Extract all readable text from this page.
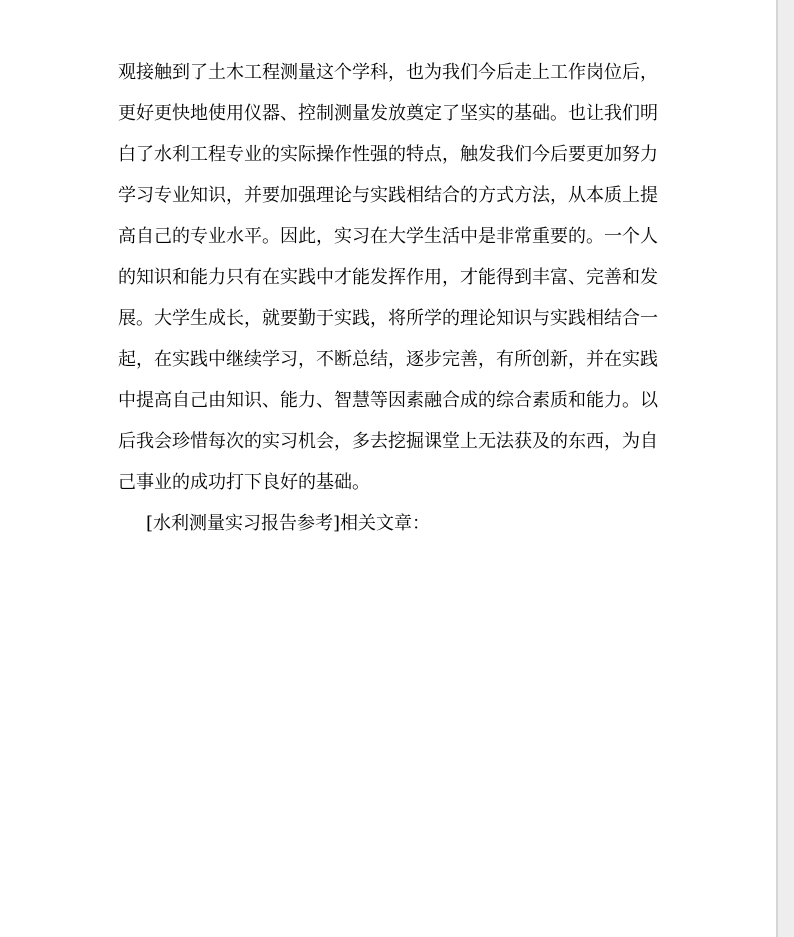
观接触到了土木工程测量这个学科，也为我们今后走上工作岗位后，
更好更快地使用仪器、控制测量发放奠定了坚实的基础。也让我们明
白了水利工程专业的实际操作性强的特点，触发我们今后要更加努力
学习专业知识，并要加强理论与实践相结合的方式方法，从本质上提
高自己的专业水平。因此，实习在大学生活中是非常重要的。一个人
的知识和能力只有在实践中才能发挥作用，才能得到丰富、完善和发
展。大学生成长，就要勤于实践，将所学的理论知识与实践相结合一
起，在实践中继续学习，不断总结，逐步完善，有所创新，并在实践
中提高自己由知识、能力、智慧等因素融合成的综合素质和能力。以
后我会珍惜每次的实习机会，多去挖掘课堂上无法获及的东西，为自
己事业的成功打下良好的基础。
[水利测量实习报告参考]相关文章：
